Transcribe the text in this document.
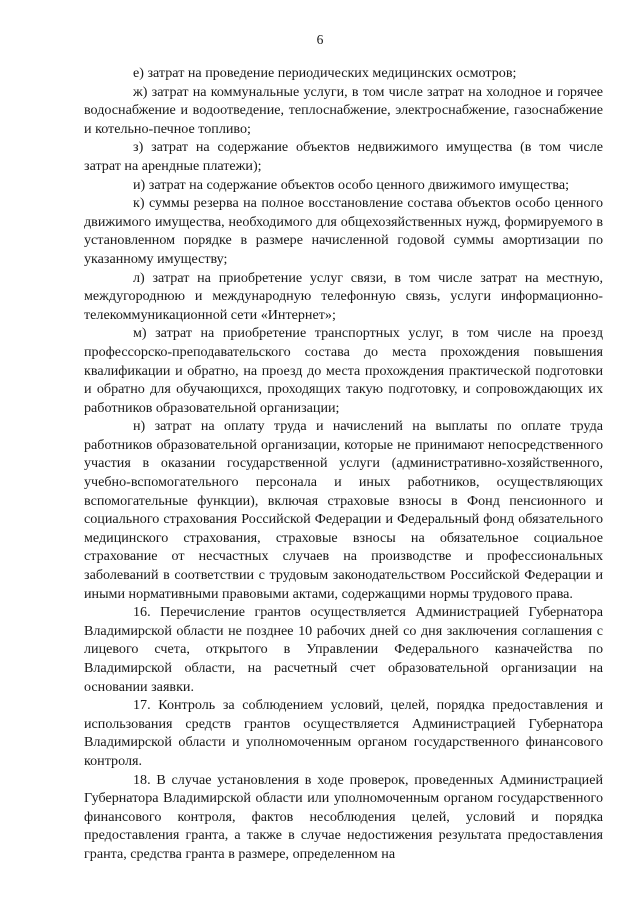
6

е) затрат на проведение периодических медицинских осмотров;

ж) затрат на коммунальные услуги, в том числе затрат на холодное и горячее водоснабжение и водоотведение, теплоснабжение, электроснабжение, газоснабжение и котельно-печное топливо;

з) затрат на содержание объектов недвижимого имущества (в том числе затрат на арендные платежи);

и) затрат на содержание объектов особо ценного движимого имущества;

к) суммы резерва на полное восстановление состава объектов особо ценного движимого имущества, необходимого для общехозяйственных нужд, формируемого в установленном порядке в размере начисленной годовой суммы амортизации по указанному имуществу;

л) затрат на приобретение услуг связи, в том числе затрат на местную, междугороднюю и международную телефонную связь, услуги информационно-телекоммуникационной сети «Интернет»;

м) затрат на приобретение транспортных услуг, в том числе на проезд профессорско-преподавательского состава до места прохождения повышения квалификации и обратно, на проезд до места прохождения практической подготовки и обратно для обучающихся, проходящих такую подготовку, и сопровождающих их работников образовательной организации;

н) затрат на оплату труда и начислений на выплаты по оплате труда работников образовательной организации, которые не принимают непосредственного участия в оказании государственной услуги (административно-хозяйственного, учебно-вспомогательного персонала и иных работников, осуществляющих вспомогательные функции), включая страховые взносы в Фонд пенсионного и социального страхования Российской Федерации и Федеральный фонд обязательного медицинского страхования, страховые взносы на обязательное социальное страхование от несчастных случаев на производстве и профессиональных заболеваний в соответствии с трудовым законодательством Российской Федерации и иными нормативными правовыми актами, содержащими нормы трудового права.

16. Перечисление грантов осуществляется Администрацией Губернатора Владимирской области не позднее 10 рабочих дней со дня заключения соглашения с лицевого счета, открытого в Управлении Федерального казначейства по Владимирской области, на расчетный счет образовательной организации на основании заявки.

17. Контроль за соблюдением условий, целей, порядка предоставления и использования средств грантов осуществляется Администрацией Губернатора Владимирской области и уполномоченным органом государственного финансового контроля.

18. В случае установления в ходе проверок, проведенных Администрацией Губернатора Владимирской области или уполномоченным органом государственного финансового контроля, фактов несоблюдения целей, условий и порядка предоставления гранта, а также в случае недостижения результата предоставления гранта, средства гранта в размере, определенном на
